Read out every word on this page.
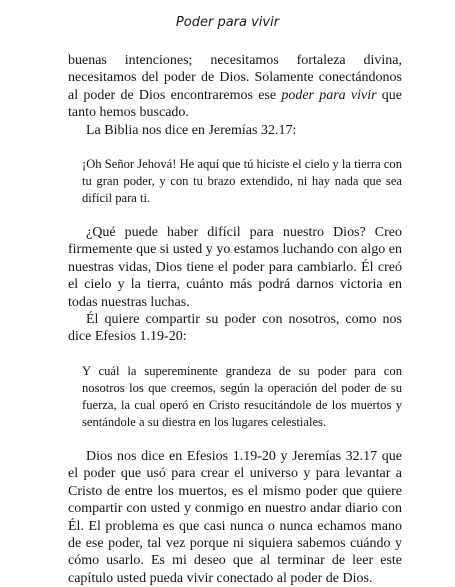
Poder para vivir

buenas intenciones; necesitamos fortaleza divina, necesitamos del poder de Dios. Solamente conectándonos al poder de Dios encontraremos ese poder para vivir que tanto hemos buscado.

La Biblia nos dice en Jeremías 32.17:

¡Oh Señor Jehová! He aquí que tú hiciste el cielo y la tierra con tu gran poder, y con tu brazo extendido, ni hay nada que sea difícil para ti.

¿Qué puede haber difícil para nuestro Dios? Creo firmemente que si usted y yo estamos luchando con algo en nuestras vidas, Dios tiene el poder para cambiarlo. Él creó el cielo y la tierra, cuánto más podrá darnos victoria en todas nuestras luchas.

Él quiere compartir su poder con nosotros, como nos dice Efesios 1.19-20:

Y cuál la supereminente grandeza de su poder para con nosotros los que creemos, según la operación del poder de su fuerza, la cual operó en Cristo resucitándole de los muertos y sentándole a su diestra en los lugares celestiales.

Dios nos dice en Efesios 1.19-20 y Jeremías 32.17 que el poder que usó para crear el universo y para levantar a Cristo de entre los muertos, es el mismo poder que quiere compartir con usted y conmigo en nuestro andar diario con Él. El problema es que casi nunca o nunca echamos mano de ese poder, tal vez porque ni siquiera sabemos cuándo y cómo usarlo. Es mi deseo que al terminar de leer este capítulo usted pueda vivir conectado al poder de Dios.
